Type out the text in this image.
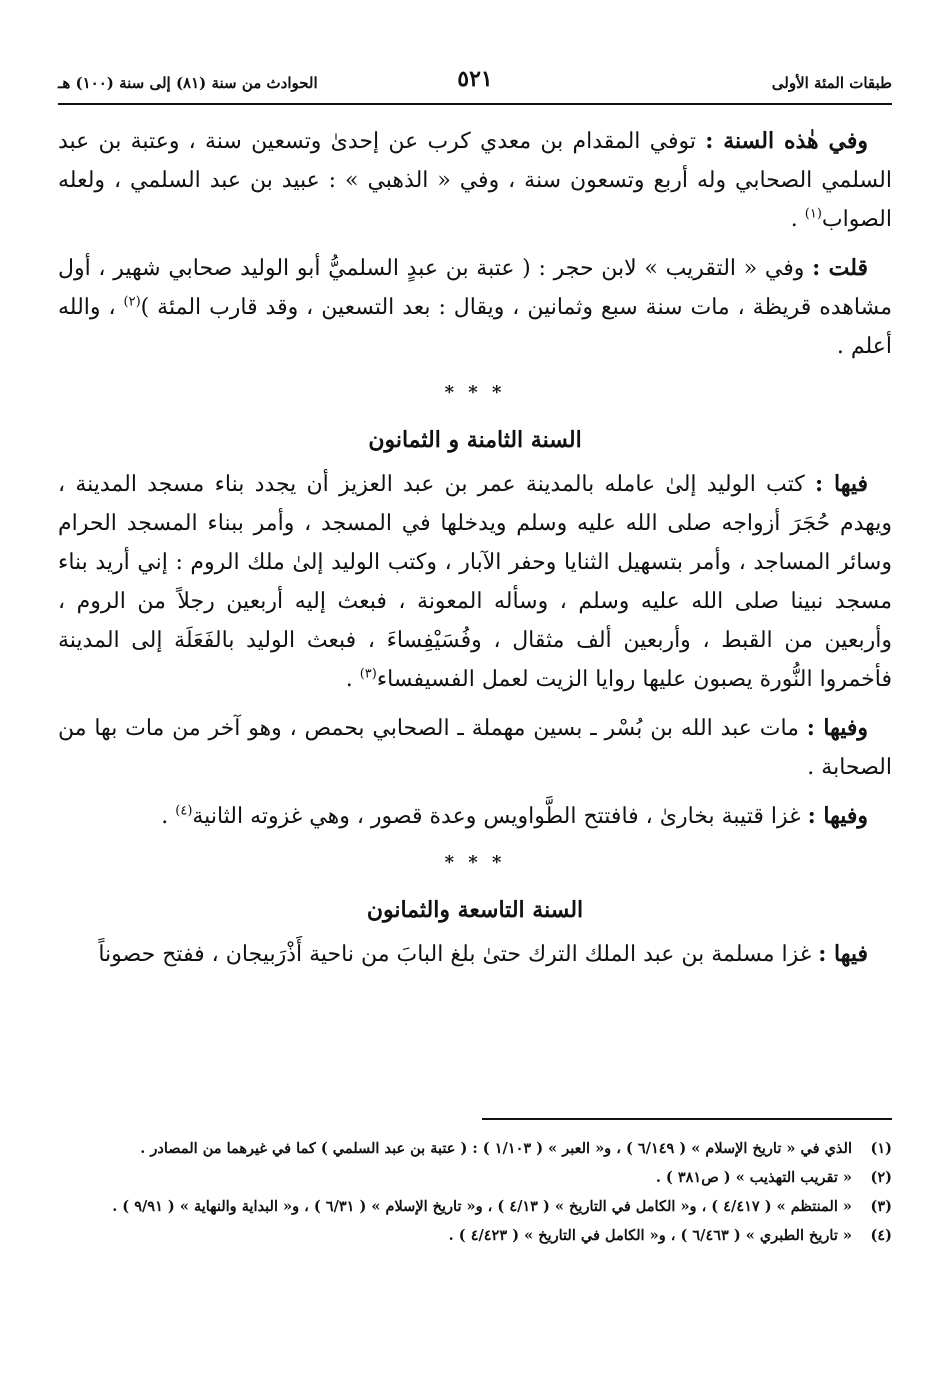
طبقات المئة الأولى
٥٢١
الحوادث من سنة (٨١) إلى سنة (١٠٠) هـ

وفي هٰذه السنة : توفي المقدام بن معدي كرب عن إحدىٰ وتسعين سنة ، وعتبة بن عبد السلمي الصحابي وله أربع وتسعون سنة ، وفي « الذهبي » : عبيد بن عبد السلمي ، ولعله الصواب$^{(١)}$ .

قلت : وفي « التقريب » لابن حجر : ( عتبة بن عبدٍ السلميُّ أبو الوليد صحابي شهير ، أول مشاهده قريظة ، مات سنة سبع وثمانين ، ويقال : بعد التسعين ، وقد قارب المئة )$^{(٢)}$ ، والله أعلم .

* * *
السنة الثامنة و الثمانون

فيها : كتب الوليد إلىٰ عامله بالمدينة عمر بن عبد العزيز أن يجدد بناء مسجد المدينة ، ويهدم حُجَرَ أزواجه صلى الله عليه وسلم ويدخلها في المسجد ، وأمر ببناء المسجد الحرام وسائر المساجد ، وأمر بتسهيل الثنايا وحفر الآبار ، وكتب الوليد إلىٰ ملك الروم : إني أريد بناء مسجد نبينا صلى الله عليه وسلم ، وسأله المعونة ، فبعث إليه أربعين رجلاً من الروم ، وأربعين من القبط ، وأربعين ألف مثقال ، وفُسَيْفِساءَ ، فبعث الوليد بالفَعَلَة إلى المدينة فأخمروا النُّورة يصبون عليها روايا الزيت لعمل الفسيفساء$^{(٣)}$ .

وفيها : مات عبد الله بن بُسْر ـ بسين مهملة ـ الصحابي بحمص ، وهو آخر من مات بها من الصحابة .

وفيها : غزا قتيبة بخارىٰ ، فافتتح الطَّواويس وعدة قصور ، وهي غزوته الثانية$^{(٤)}$ .

* * *
السنة التاسعة والثمانون

فيها : غزا مسلمة بن عبد الملك الترك حتىٰ بلغ البابَ من ناحية أَذْرَبيجان ، ففتح حصوناً

(١)
الذي في « تاريخ الإسلام » ( ٦/١٤٩ ) ، و« العبر » ( ١/١٠٣ ) : ( عتبة بن عبد السلمي ) كما في غيرهما من المصادر .
(٢)
« تقريب التهذيب » ( ص٣٨١ ) .
(٣)
« المنتظم » ( ٤/٤١٧ ) ، و« الكامل في التاريخ » ( ٤/١٣ ) ، و« تاريخ الإسلام » ( ٦/٣١ ) ، و« البداية والنهاية » ( ٩/٩١ ) .
(٤)
« تاريخ الطبري » ( ٦/٤٦٣ ) ، و« الكامل في التاريخ » ( ٤/٤٢٣ ) .
